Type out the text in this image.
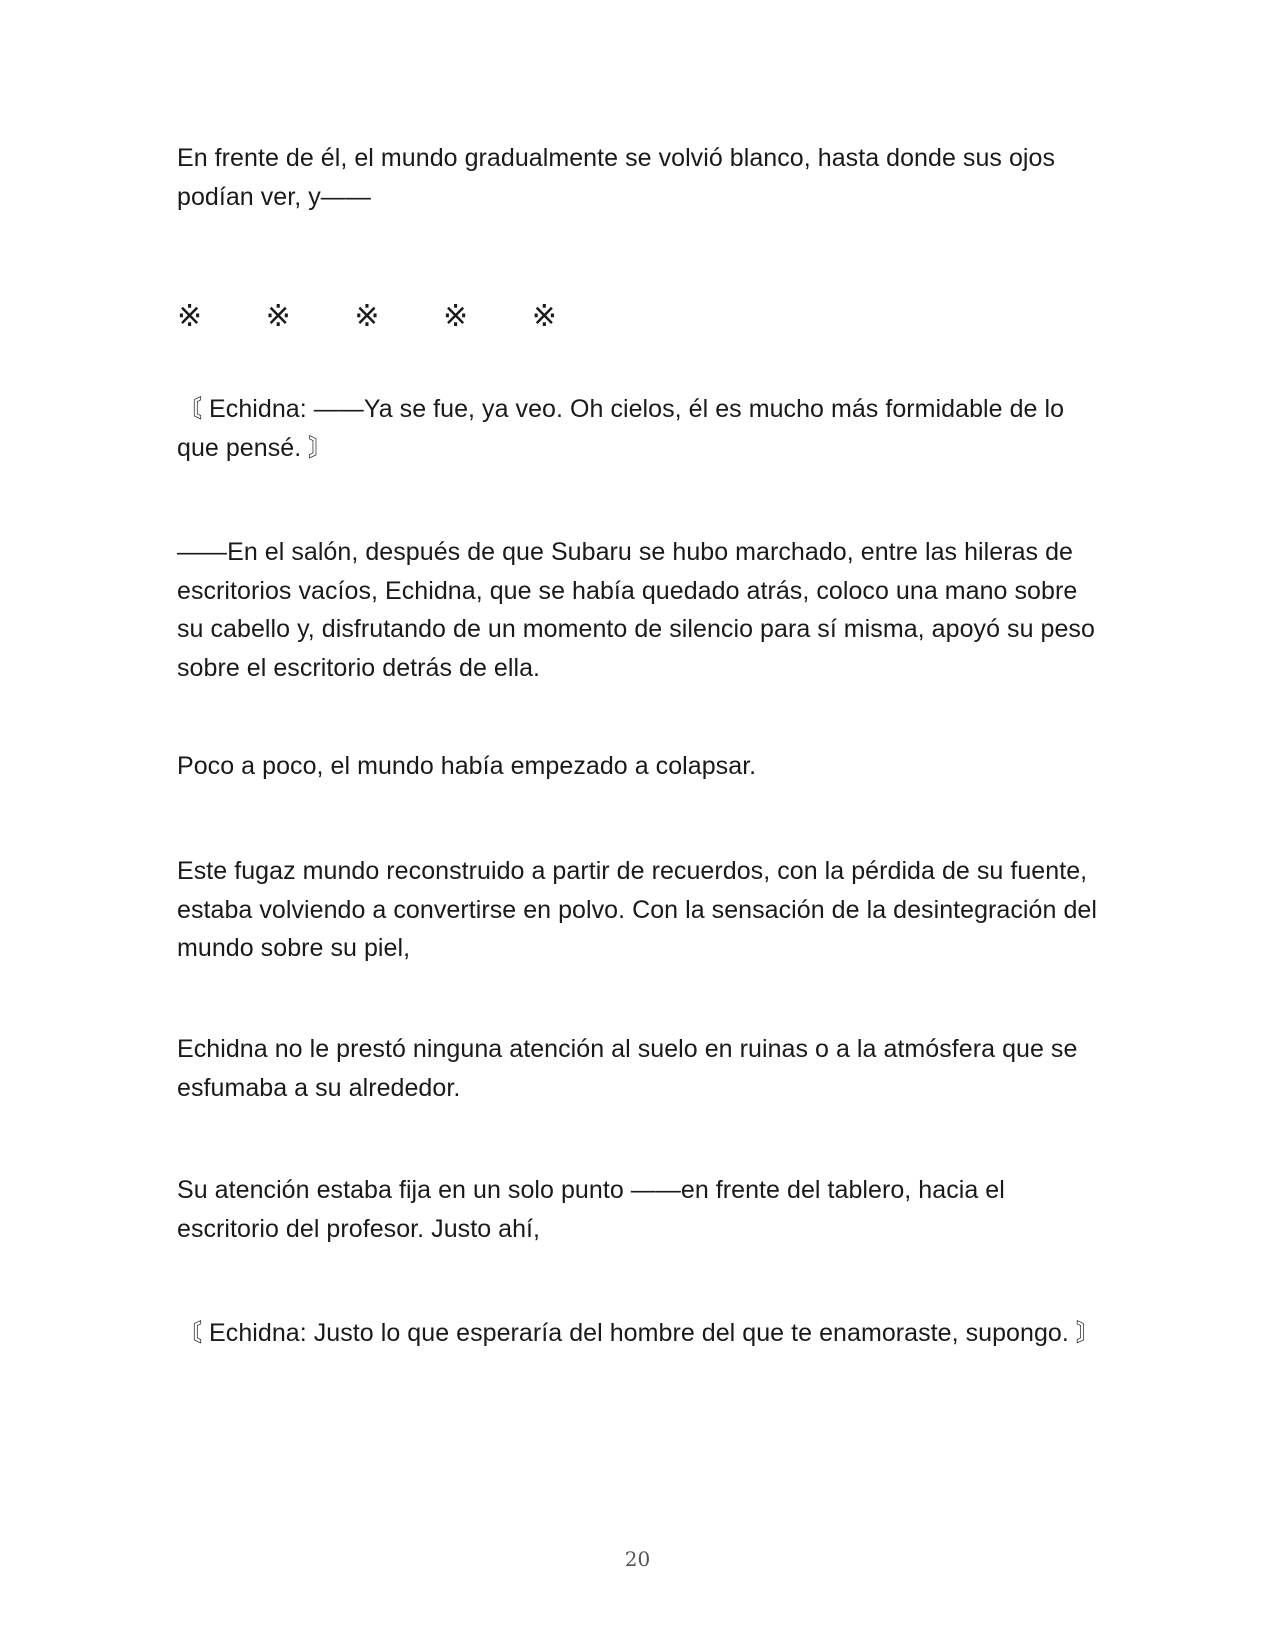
En frente de él, el mundo gradualmente se volvió blanco, hasta donde sus ojos podían ver, y——

※ ※ ※ ※ ※

〘 Echidna: ——Ya se fue, ya veo. Oh cielos, él es mucho más formidable de lo que pensé. 〙

——En el salón, después de que Subaru se hubo marchado, entre las hileras de escritorios vacíos, Echidna, que se había quedado atrás, coloco una mano sobre su cabello y, disfrutando de un momento de silencio para sí misma, apoyó su peso sobre el escritorio detrás de ella.

Poco a poco, el mundo había empezado a colapsar.

Este fugaz mundo reconstruido a partir de recuerdos, con la pérdida de su fuente, estaba volviendo a convertirse en polvo. Con la sensación de la desintegración del mundo sobre su piel,

Echidna no le prestó ninguna atención al suelo en ruinas o a la atmósfera que se esfumaba a su alrededor.

Su atención estaba fija en un solo punto ——en frente del tablero, hacia el escritorio del profesor. Justo ahí,

〘 Echidna: Justo lo que esperaría del hombre del que te enamoraste, supongo. 〙

20
